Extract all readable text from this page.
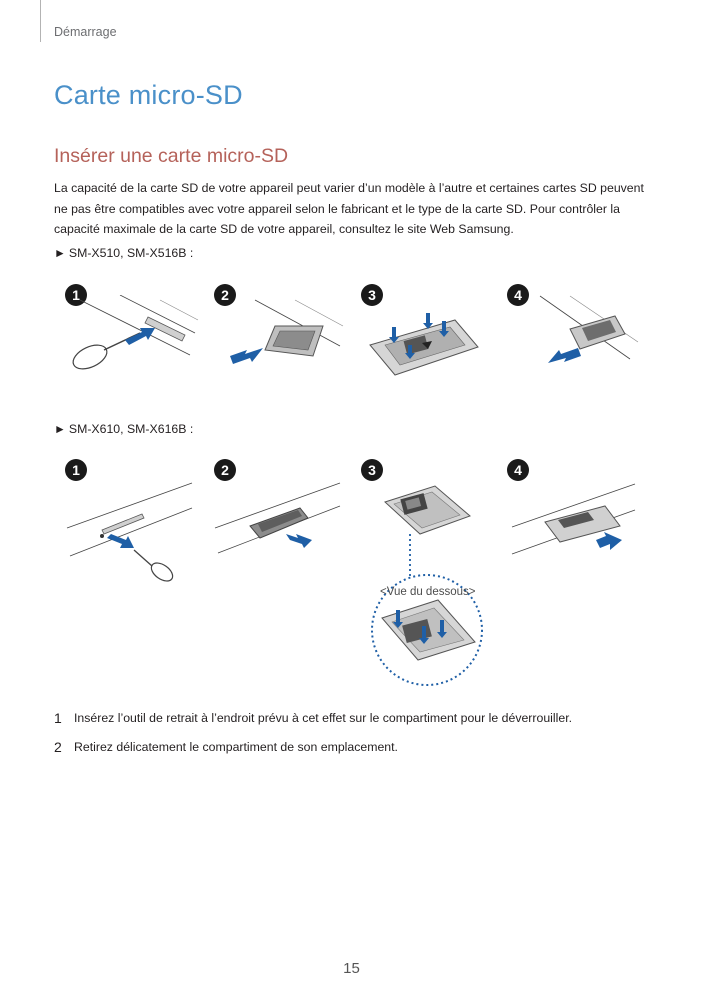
Démarrage
Carte micro-SD
Insérer une carte micro-SD

La capacité de la carte SD de votre appareil peut varier d’un modèle à l’autre et certaines cartes SD peuvent ne pas être compatibles avec votre appareil selon le fabricant et le type de la carte SD. Pour contrôler la capacité maximale de la carte SD de votre appareil, consultez le site Web Samsung.

► SM-X510, SM-X516B :
1	2	3	4
► SM-X610, SM-X616B :
1	2	3	4
<Vue du dessous>
1 Insérez l’outil de retrait à l’endroit prévu à cet effet sur le compartiment pour le déverrouiller.
2 Retirez délicatement le compartiment de son emplacement.
15
